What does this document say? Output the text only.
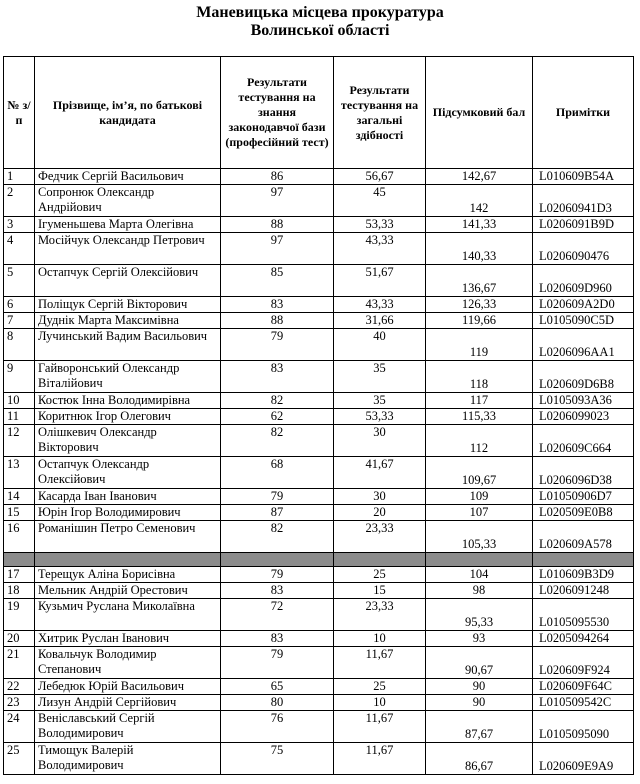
Маневицька місцева прокуратура
Волинської області
№ з/п	Прізвище, ім’я, по батькові кандидата	Результати тестування на знання законодавчої бази (професійний тест)	Результати тестування на загальні здібності	Підсумковий бал	Примітки
1	Федчик Сергій Васильович	86	56,67	142,67	L010609B54A
2	Сопронюк Олександр Андрійович	97	45	142	L02060941D3
3	Ігуменьшева Марта Олегівна	88	53,33	141,33	L0206091B9D
4	Мосійчук Олександр Петрович	97	43,33	140,33	L0206090476
5	Остапчук Сергій Олексійович	85	51,67	136,67	L020609D960
6	Поліщук Сергій Вікторович	83	43,33	126,33	L020609A2D0
7	Дуднік Марта Максимівна	88	31,66	119,66	L0105090C5D
8	Лучинський Вадим Васильович	79	40	119	L0206096AA1
9	Гайворонський Олександр Віталійович	83	35	118	L020609D6B8
10	Костюк Інна Володимирівна	82	35	117	L0105093A36
11	Коритнюк Ігор Олегович	62	53,33	115,33	L0206099023
12	Олішкевич Олександр Вікторович	82	30	112	L020609C664
13	Остапчук Олександр Олексійович	68	41,67	109,67	L0206096D38
14	Касарда Іван Іванович	79	30	109	L01050906D7
15	Юрін Ігор Володимирович	87	20	107	L020509E0B8
16	Романішин Петро Семенович	82	23,33	105,33	L020609A578

17	Терещук Аліна Борисівна	79	25	104	L010609B3D9
18	Мельник Андрій Орестович	83	15	98	L0206091248
19	Кузьмич Руслана Миколаївна	72	23,33	95,33	L0105095530
20	Хитрик Руслан Іванович	83	10	93	L0205094264
21	Ковальчук Володимир Степанович	79	11,67	90,67	L020609F924
22	Лебедюк Юрій Васильович	65	25	90	L020609F64C
23	Лизун Андрій Сергійович	80	10	90	L010509542C
24	Веніславський Сергій Володимирович	76	11,67	87,67	L0105095090
25	Тимощук Валерій Володимирович	75	11,67	86,67	L020609E9A9
